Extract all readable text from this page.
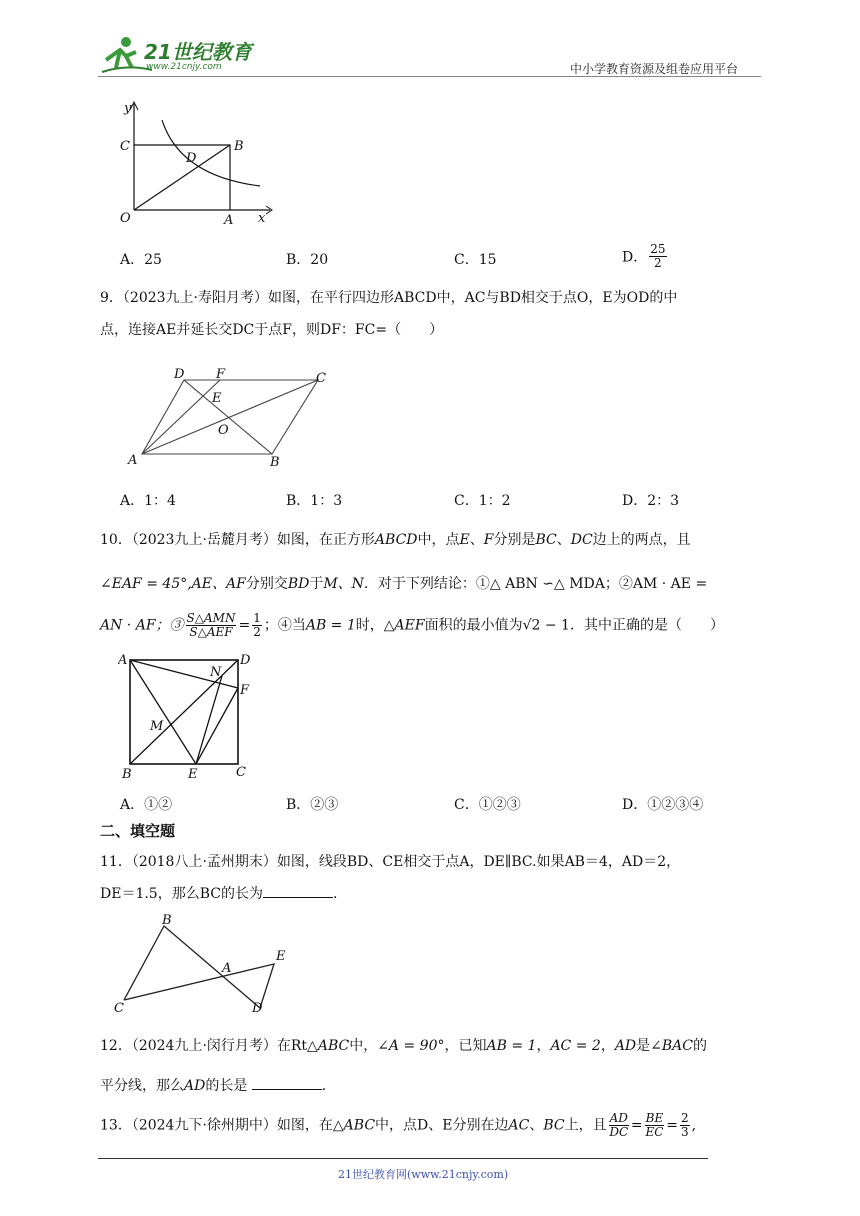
21世纪教育
www.21cnjy.com	中小学教育资源及组卷应用平台
y
x
O	A
B
C
D
A．25	B．20	C．15	D． $\frac{25}{2}$
9．（2023九上·寿阳月考）如图，在平行四边形ABCD中，AC与BD相交于点O，E为OD的中
点，连接AE并延长交DC于点F，则DF：FC=（　　）
D F	C
E
O
A	B
A．1：4	B．1：3	C．1：2	D．2：3
10．（2023九上·岳麓月考）如图，在正方形ABCD中，点E、F分别是BC、DC边上的两点，且
∠EAF = 45°,AE、AF分别交BD于M、N．对于下列结论：①△ ABN ∽△ MDA；②AM · AE =
AN · AF；③ $\frac{\text{S△AMN}}{\text{S△AEF}} = \frac{1}{2}$ ；④当AB = 1时，△AEF面积的最小值为√2 − 1．其中正确的是（　　）
A	D
N
F
M
B	E	C
A．①②	B．②③	C．①②③	D．①②③④
二、填空题
11．（2018八上·孟州期末）如图，线段BD、CE相交于点A，DE∥BC.如果AB＝4，AD＝2，
DE＝1.5，那么BC的长为	.
B
A
E
C	D
12．（2024九上·闵行月考）在Rt△ABC中，∠A = 90°，已知AB = 1，AC = 2，AD是∠BAC的
平分线，那么AD的长是	.
13．（2024九下·徐州期中）如图，在△ABC中，点D、E分别在边AC、BC上，且 $\frac{AD}{DC} = \frac{BE}{EC} = \frac{2}{3}$ ,
21世纪教育网(www.21cnjy.com)
